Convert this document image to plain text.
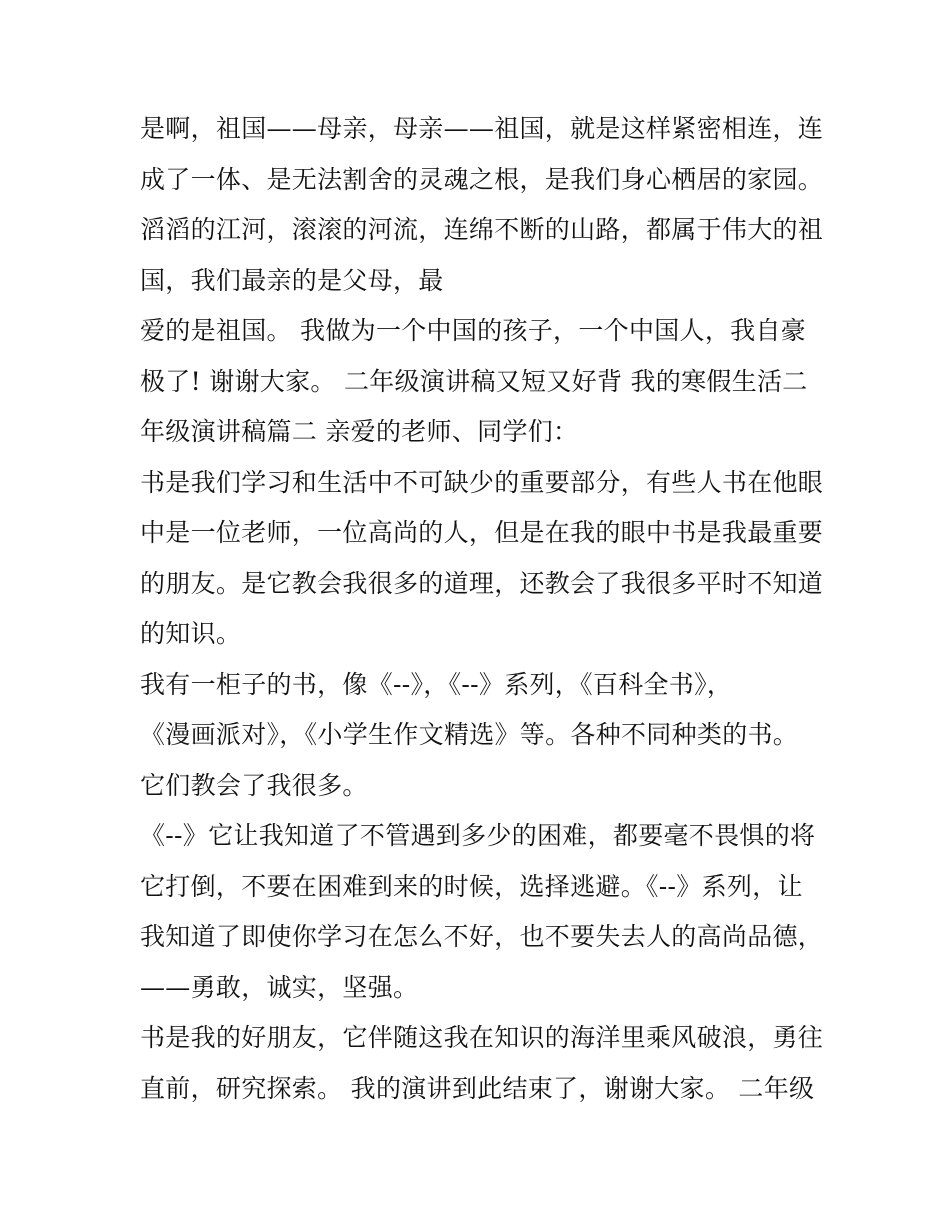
是啊，祖国——母亲，母亲——祖国，就是这样紧密相连，连
成了一体、是无法割舍的灵魂之根，是我们身心栖居的家园。
滔滔的江河，滚滚的河流，连绵不断的山路，都属于伟大的祖
国，我们最亲的是父母，最
爱的是祖国。 我做为一个中国的孩子，一个中国人，我自豪
极了! 谢谢大家。 二年级演讲稿又短又好背 我的寒假生活二
年级演讲稿篇二 亲爱的老师、同学们：
书是我们学习和生活中不可缺少的重要部分，有些人书在他眼
中是一位老师，一位高尚的人，但是在我的眼中书是我最重要
的朋友。是它教会我很多的道理，还教会了我很多平时不知道
的知识。
我有一柜子的书，像《--》，《--》系列，《百科全书》，
《漫画派对》，《小学生作文精选》等。各种不同种类的书。
它们教会了我很多。
《--》它让我知道了不管遇到多少的困难，都要毫不畏惧的将
它打倒，不要在困难到来的时候，选择逃避。《--》系列，让
我知道了即使你学习在怎么不好，也不要失去人的高尚品德，
——勇敢，诚实，坚强。
书是我的好朋友，它伴随这我在知识的海洋里乘风破浪，勇往
直前，研究探索。 我的演讲到此结束了，谢谢大家。 二年级
